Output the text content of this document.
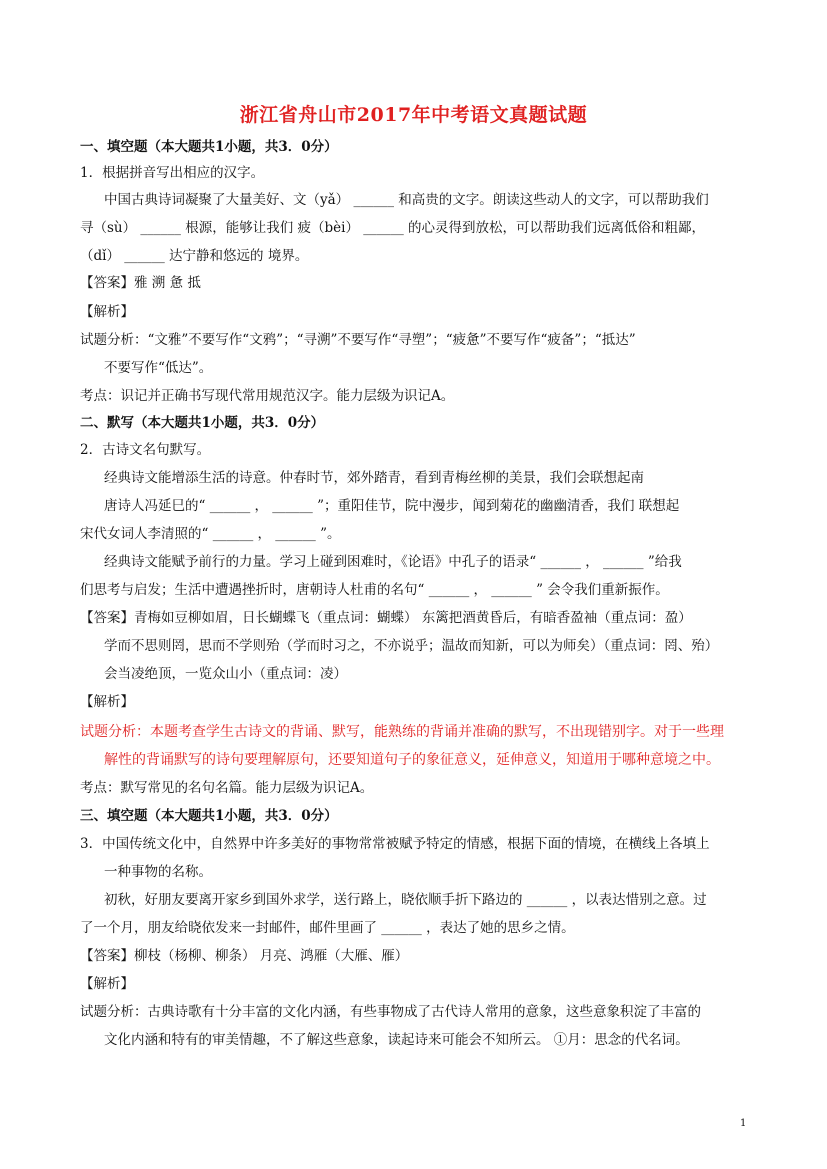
浙江省舟山市2017年中考语文真题试题
一、填空题（本大题共1小题，共3．0分）
1．根据拼音写出相应的汉字。
中国古典诗词凝聚了大量美好、文（yǎ） ______ 和高贵的文字。朗读这些动人的文字，可以帮助我们
寻（sù） ______ 根源，能够让我们 疲（bèi） ______ 的心灵得到放松，可以帮助我们远离低俗和粗鄙，
（dǐ） ______ 达宁静和悠远的 境界。
【答案】雅 溯 惫 抵
【解析】
试题分析：“文雅”不要写作“文鸦”；“寻溯”不要写作“寻塑”；“疲惫”不要写作“疲备”；“抵达”
不要写作“低达”。
考点：识记并正确书写现代常用规范汉字。能力层级为识记A。
二、默写（本大题共1小题，共3．0分）
2．古诗文名句默写。
经典诗文能增添生活的诗意。仲春时节，郊外踏青，看到青梅丝柳的美景，我们会联想起南
唐诗人冯延巳的“ ______ ， ______ ”；重阳佳节，院中漫步，闻到菊花的幽幽清香，我们 联想起
宋代女词人李清照的“ ______ ， ______ ”。
经典诗文能赋予前行的力量。学习上碰到困难时，《论语》中孔子的语录“ ______ ， ______ ”给我
们思考与启发；生活中遭遇挫折时，唐朝诗人杜甫的名句“ ______ ， ______ ” 会令我们重新振作。
【答案】青梅如豆柳如眉，日长蝴蝶飞（重点词：蝴蝶） 东篱把酒黄昏后，有暗香盈袖（重点词：盈）
学而不思则罔，思而不学则殆（学而时习之，不亦说乎；温故而知新，可以为师矣）（重点词：罔、殆）
会当凌绝顶，一览众山小（重点词：凌）
【解析】
试题分析：本题考查学生古诗文的背诵、默写，能熟练的背诵并准确的默写，不出现错别字。对于一些理
解性的背诵默写的诗句要理解原句，还要知道句子的象征意义，延伸意义，知道用于哪种意境之中。
考点：默写常见的名句名篇。能力层级为识记A。
三、填空题（本大题共1小题，共3．0分）
3．中国传统文化中，自然界中许多美好的事物常常被赋予特定的情感，根据下面的情境，在横线上各填上
一种事物的名称。
初秋，好朋友要离开家乡到国外求学，送行路上，晓依顺手折下路边的 ______ ，以表达惜别之意。过
了一个月，朋友给晓依发来一封邮件，邮件里画了 ______ ，表达了她的思乡之情。
【答案】柳枝（杨柳、柳条） 月亮、鸿雁（大雁、雁）
【解析】
试题分析：古典诗歌有十分丰富的文化内涵，有些事物成了古代诗人常用的意象，这些意象积淀了丰富的
文化内涵和特有的审美情趣，不了解这些意象，读起诗来可能会不知所云。 ①月：思念的代名词。
1
